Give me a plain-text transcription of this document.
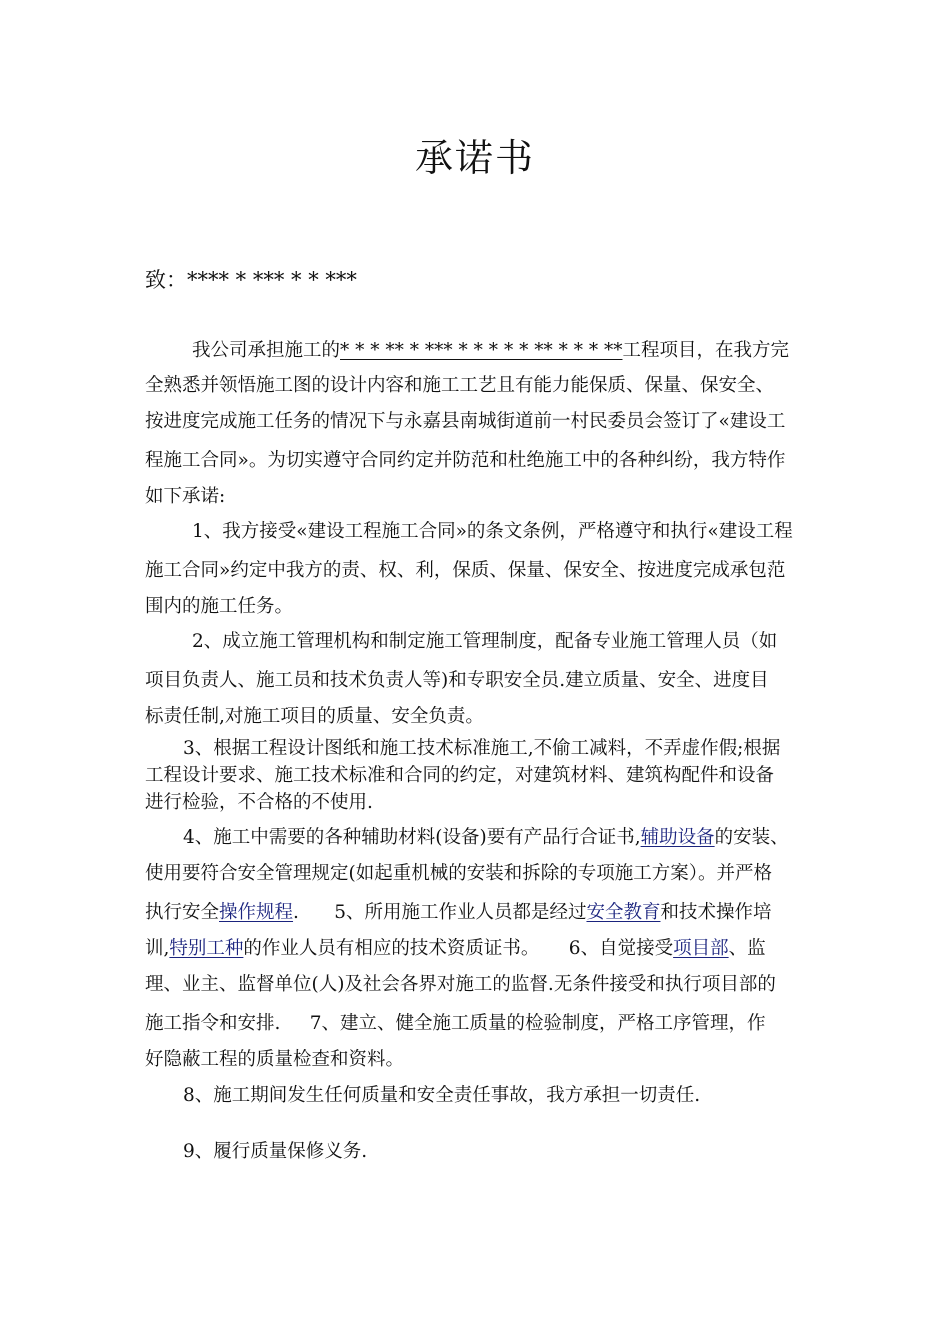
承诺书
致：**** * *** * * ***
我公司承担施工的* * * ** * *** * * * * * ** * * * **工程项目，在我方完
全熟悉并领悟施工图的设计内容和施工工艺且有能力能保质、保量、保安全、
按进度完成施工任务的情况下与永嘉县南城街道前一村民委员会签订了«建设工
程施工合同»。为切实遵守合同约定并防范和杜绝施工中的各种纠纷，我方特作
如下承诺:
1、我方接受«建设工程施工合同»的条文条例，严格遵守和执行«建设工程
施工合同»约定中我方的责、权、利，保质、保量、保安全、按进度完成承包范
围内的施工任务。
2、成立施工管理机构和制定施工管理制度，配备专业施工管理人员（如
项目负责人、施工员和技术负责人等)和专职安全员.建立质量、安全、进度目
标责任制,对施工项目的质量、安全负责。
3、根据工程设计图纸和施工技术标准施工,不偷工减料，不弄虚作假;根据
工程设计要求、施工技术标准和合同的约定，对建筑材料、建筑构配件和设备
进行检验，不合格的不使用.
4、施工中需要的各种辅助材料(设备)要有产品行合证书,辅助设备的安装、
使用要符合安全管理规定(如起重机械的安装和拆除的专项施工方案）。并严格
执行安全操作规程.      5、所用施工作业人员都是经过安全教育和技术操作培
训,特别工种的作业人员有相应的技术资质证书。     6、自觉接受项目部、监
理、业主、监督单位(人)及社会各界对施工的监督.无条件接受和执行项目部的
施工指令和安排.     7、建立、健全施工质量的检验制度，严格工序管理，作
好隐蔽工程的质量检查和资料。
8、施工期间发生任何质量和安全责任事故，我方承担一切责任.
9、履行质量保修义务.
